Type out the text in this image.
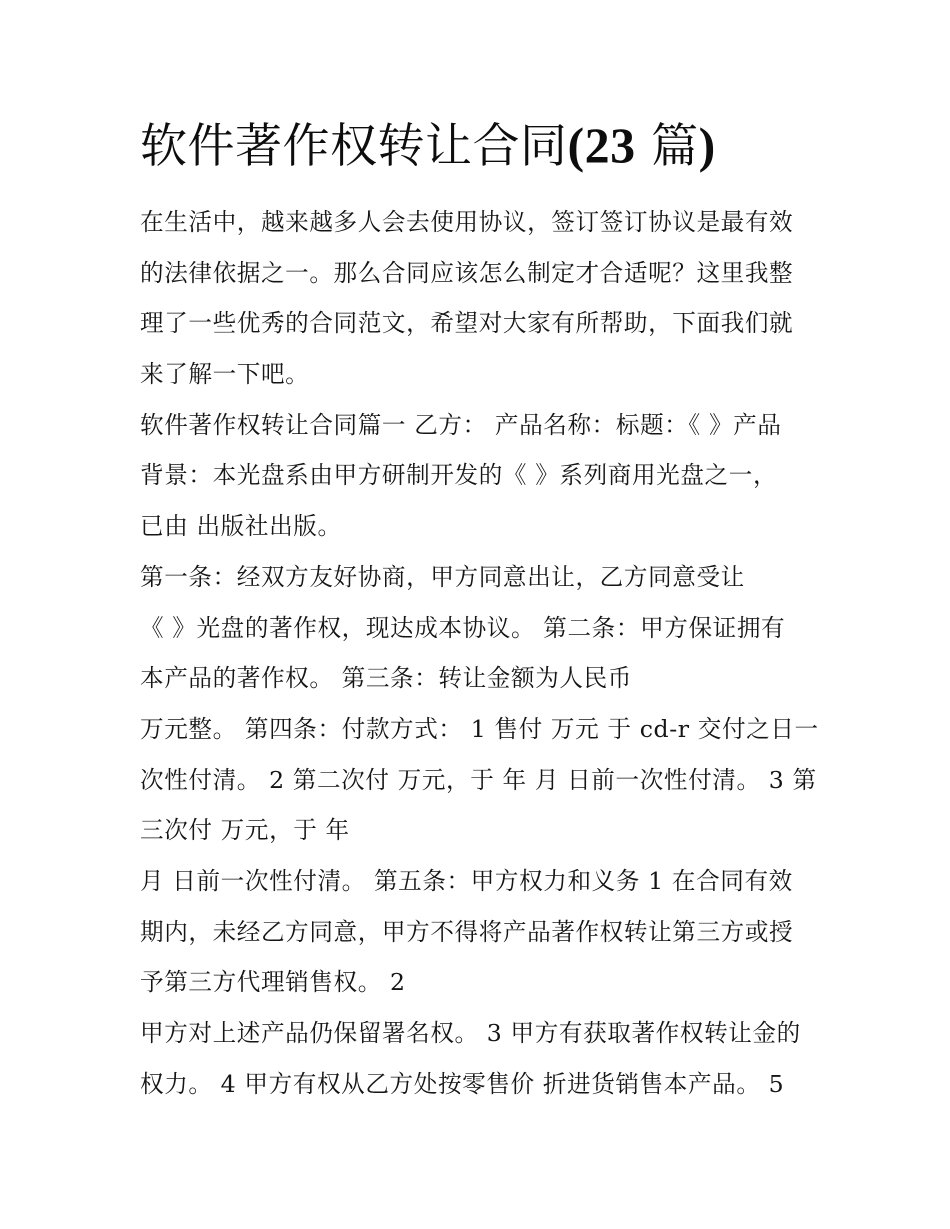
软件著作权转让合同(23 篇)
在生活中，越来越多人会去使用协议，签订签订协议是最有效
的法律依据之一。那么合同应该怎么制定才合适呢？这里我整
理了一些优秀的合同范文，希望对大家有所帮助，下面我们就
来了解一下吧。
软件著作权转让合同篇一 乙方： 产品名称：标题：《 》产品
背景：本光盘系由甲方研制开发的《 》系列商用光盘之一，
已由 出版社出版。
第一条：经双方友好协商，甲方同意出让，乙方同意受让
《 》光盘的著作权，现达成本协议。 第二条：甲方保证拥有
本产品的著作权。 第三条：转让金额为人民币
万元整。 第四条：付款方式： 1 售付 万元 于 cd-r 交付之日一
次性付清。 2 第二次付 万元，于 年 月 日前一次性付清。 3 第
三次付 万元，于 年
月 日前一次性付清。 第五条：甲方权力和义务 1 在合同有效
期内，未经乙方同意，甲方不得将产品著作权转让第三方或授
予第三方代理销售权。 2
甲方对上述产品仍保留署名权。 3 甲方有获取著作权转让金的
权力。 4 甲方有权从乙方处按零售价 折进货销售本产品。 5
